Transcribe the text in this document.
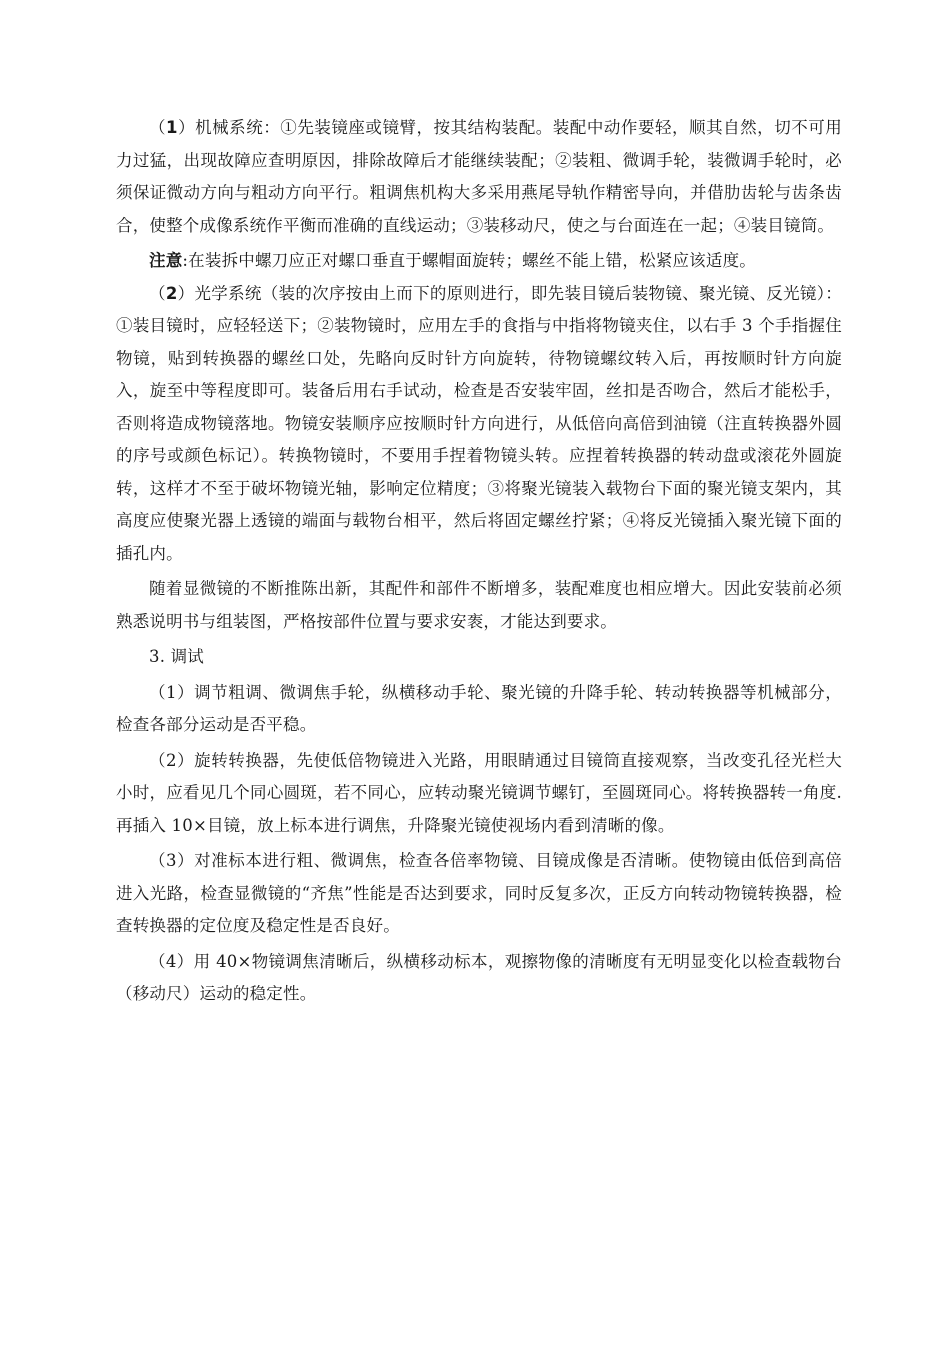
（1）机械系统：①先装镜座或镜臂，按其结构装配。装配中动作要轻，顺其自然，切不可用力过猛，出现故障应查明原因，排除故障后才能继续装配；②装粗、微调手轮，装微调手轮时，必须保证微动方向与粗动方向平行。粗调焦机构大多采用燕尾导轨作精密导向，并借肋齿轮与齿条齿合，使整个成像系统作平衡而准确的直线运动；③装移动尺，使之与台面连在一起；④装目镜筒。

注意:在装拆中螺刀应正对螺口垂直于螺帽面旋转；螺丝不能上错，松紧应该适度。

（2）光学系统（装的次序按由上而下的原则进行，即先装目镜后装物镜、聚光镜、反光镜）：①装目镜时，应轻轻送下；②装物镜时，应用左手的食指与中指将物镜夹住，以右手 3 个手指握住物镜，贴到转换器的螺丝口处，先略向反时针方向旋转，待物镜螺纹转入后，再按顺时针方向旋入，旋至中等程度即可。装备后用右手试动，检查是否安装牢固，丝扣是否吻合，然后才能松手，否则将造成物镜落地。物镜安装顺序应按顺时针方向进行，从低倍向高倍到油镜（注直转换器外圆的序号或颜色标记）。转换物镜时，不要用手捏着物镜头转。应捏着转换器的转动盘或滚花外圆旋转，这样才不至于破坏物镜光轴，影响定位精度；③将聚光镜装入载物台下面的聚光镜支架内，其高度应使聚光器上透镜的端面与载物台相平，然后将固定螺丝拧紧；④将反光镜插入聚光镜下面的插孔内。

随着显微镜的不断推陈出新，其配件和部件不断增多，装配难度也相应增大。因此安装前必须熟悉说明书与组装图，严格按部件位置与要求安袠，才能达到要求。

3. 调试

（1）调节粗调、微调焦手轮，纵横移动手轮、聚光镜的升降手轮、转动转换器等机械部分，检查各部分运动是否平稳。

（2）旋转转换器，先使低倍物镜进入光路，用眼睛通过目镜筒直接观察，当改变孔径光栏大小时，应看见几个同心圆斑，若不同心，应转动聚光镜调节螺钉，至圆斑同心。将转换器转一角度. 再插入 10×目镜，放上标本进行调焦，升降聚光镜使视场内看到清晰的像。

（3）对准标本进行粗、微调焦，检查各倍率物镜、目镜成像是否清晰。使物镜由低倍到高倍进入光路，检查显微镜的“齐焦”性能是否达到要求，同时反复多次，正反方向转动物镜转换器，检查转换器的定位度及稳定性是否良好。

（4）用 40×物镜调焦清晰后，纵横移动标本，观擦物像的清晰度有无明显变化以检查载物台（移动尺）运动的稳定性。
